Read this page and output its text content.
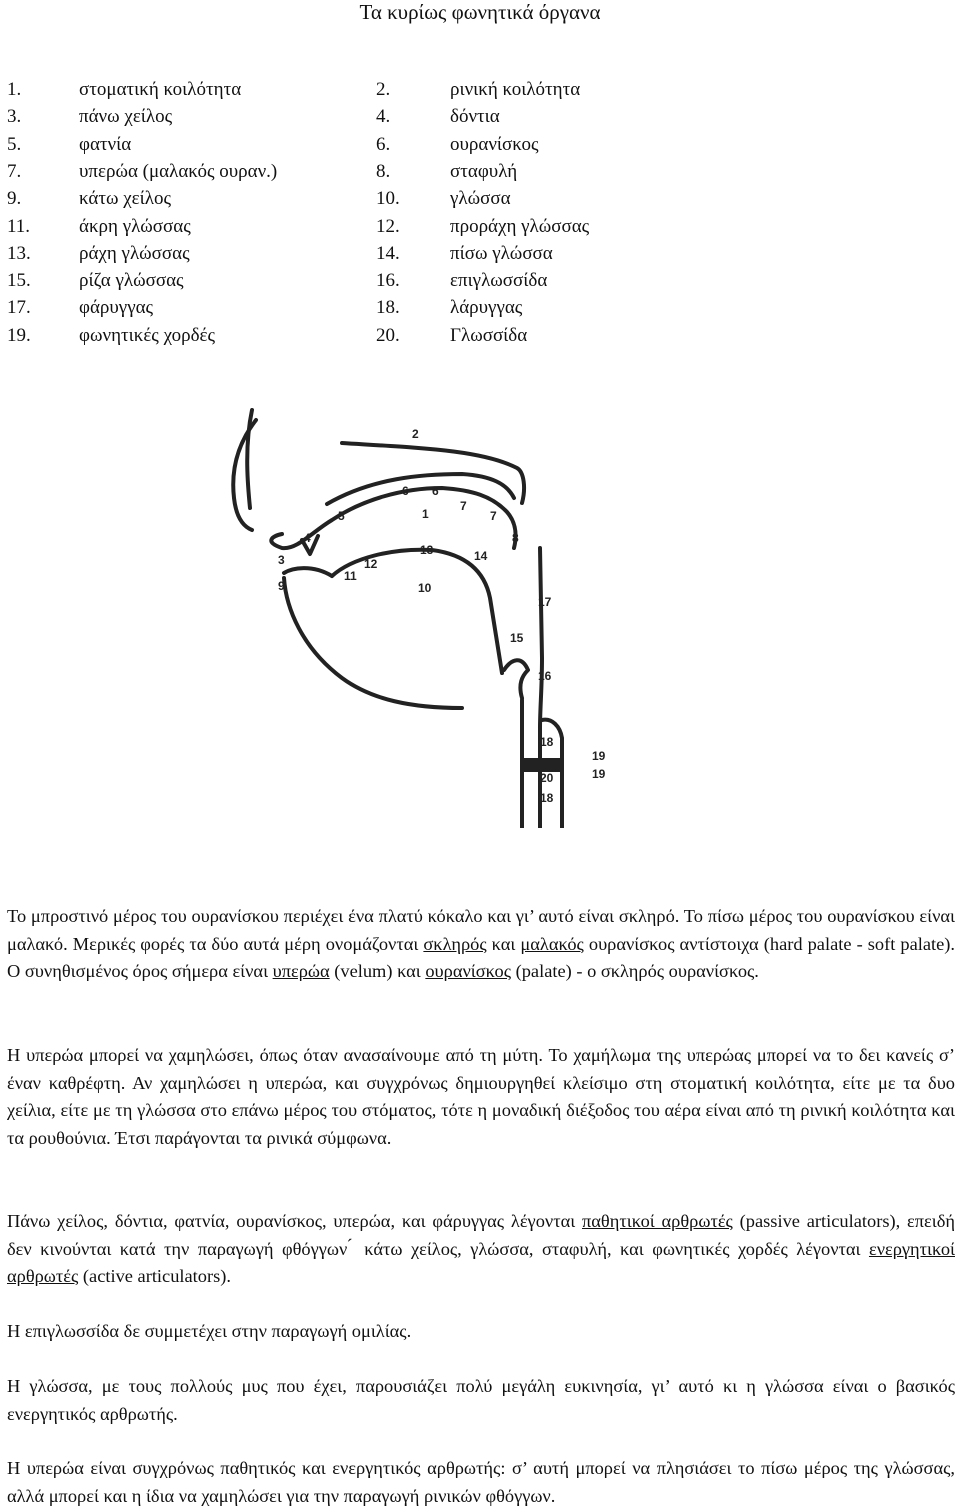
Τα κυρίως φωνητικά όργανα
1.	στοματική κοιλότητα	2.	ρινική κοιλότητα
3.	πάνω χείλος	4.	δόντια
5.	φατνία	6.	ουρανίσκος
7.	υπερώα (μαλακός ουραν.)	8.	σταφυλή
9.	κάτω χείλος	10.	γλώσσα
11.	άκρη γλώσσας	12.	προράχη γλώσσας
13.	ράχη γλώσσας	14.	πίσω γλώσσα
15.	ρίζα γλώσσας	16.	επιγλωσσίδα
17.	φάρυγγας	18.	λάρυγγας
19.	φωνητικές χορδές	20.	Γλωσσίδα
2
6 6
7
7
1
5
4
3
8
13	14
12
11
9	10
17
15
16
18
19
20	19
18

Το μπροστινό μέρος του ουρανίσκου περιέχει ένα πλατύ κόκαλο και γι’ αυτό είναι σκληρό. Το πίσω μέρος του ουρανίσκου είναι μαλακό. Μερικές φορές τα δύο αυτά μέρη ονομάζονται σκληρός και μαλακός ουρανίσκος αντίστοιχα (hard palate - soft palate). Ο συνηθισμένος όρος σήμερα είναι υπερώα (velum) και ουρανίσκος (palate) - ο σκληρός ουρανίσκος.

Η υπερώα μπορεί να χαμηλώσει, όπως όταν ανασαίνουμε από τη μύτη. Το χαμήλωμα της υπερώας μπορεί να το δει κανείς σ’ έναν καθρέφτη. Αν χαμηλώσει η υπερώα, και συγχρόνως δημιουργηθεί κλείσιμο στη στοματική κοιλότητα, είτε με τα δυο χείλια, είτε με τη γλώσσα στο επάνω μέρος του στόματος, τότε η μοναδική διέξοδος του αέρα είναι από τη ρινική κοιλότητα και τα ρουθούνια. Έτσι παράγονται τα ρινικά σύμφωνα.

Πάνω χείλος, δόντια, φατνία, ουρανίσκος, υπερώα, και φάρυγγας λέγονται παθητικοί αρθρωτές (passive articulators), επειδή δεν κινούνται κατά την παραγωγή φθόγγων ́ κάτω χείλος, γλώσσα, σταφυλή, και φωνητικές χορδές λέγονται ενεργητικοί αρθρωτές (active articulators).

Η επιγλωσσίδα δε συμμετέχει στην παραγωγή ομιλίας.

Η γλώσσα, με τους πολλούς μυς που έχει, παρουσιάζει πολύ μεγάλη ευκινησία, γι’ αυτό κι η γλώσσα είναι ο βασικός ενεργητικός αρθρωτής.

Η υπερώα είναι συγχρόνως παθητικός και ενεργητικός αρθρωτής: σ’ αυτή μπορεί να πλησιάσει το πίσω μέρος της γλώσσας, αλλά μπορεί και η ίδια να χαμηλώσει για την παραγωγή ρινικών φθόγγων.
